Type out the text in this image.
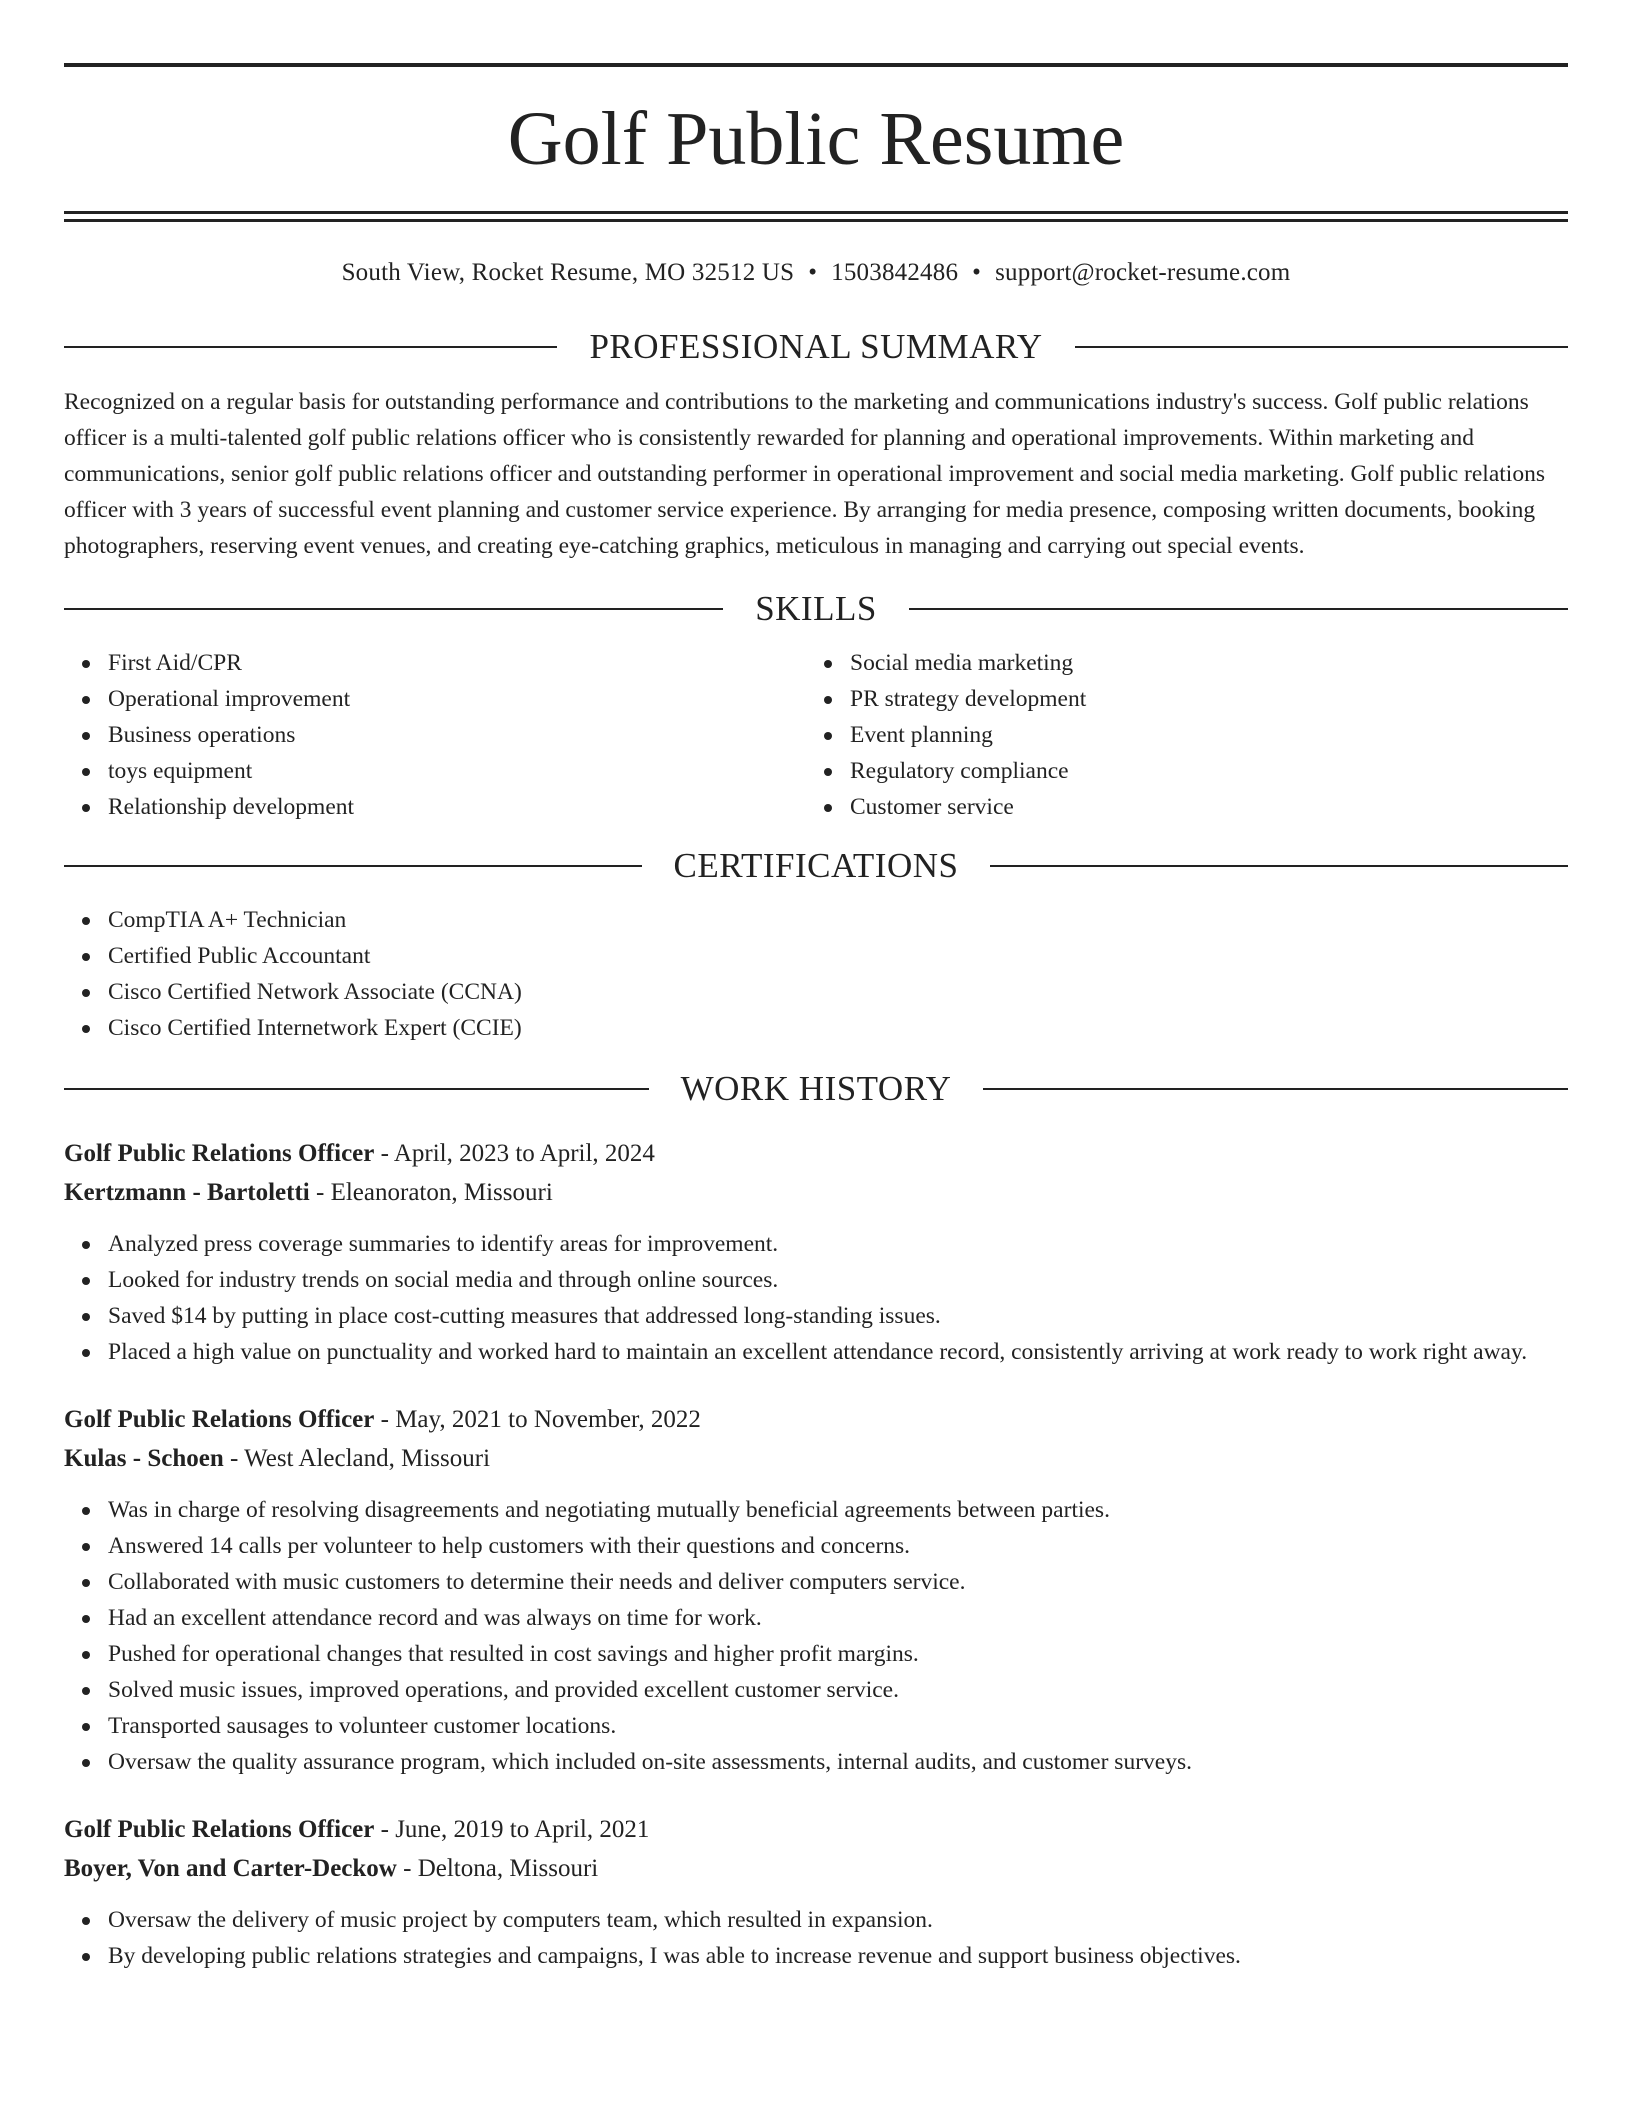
Golf Public Resume
South View, Rocket Resume, MO 32512 US • 1503842486 • support@rocket-resume.com
PROFESSIONAL SUMMARY
Recognized on a regular basis for outstanding performance and contributions to the marketing and communications industry's success. Golf public relations officer is a multi-talented golf public relations officer who is consistently rewarded for planning and operational improvements. Within marketing and communications, senior golf public relations officer and outstanding performer in operational improvement and social media marketing. Golf public relations officer with 3 years of successful event planning and customer service experience. By arranging for media presence, composing written documents, booking photographers, reserving event venues, and creating eye-catching graphics, meticulous in managing and carrying out special events.
SKILLS
First Aid/CPR
Operational improvement
Business operations
toys equipment
Relationship development
Social media marketing
PR strategy development
Event planning
Regulatory compliance
Customer service
CERTIFICATIONS
CompTIA A+ Technician
Certified Public Accountant
Cisco Certified Network Associate (CCNA)
Cisco Certified Internetwork Expert (CCIE)
WORK HISTORY
Golf Public Relations Officer - April, 2023 to April, 2024
Kertzmann - Bartoletti - Eleanoraton, Missouri
Analyzed press coverage summaries to identify areas for improvement.
Looked for industry trends on social media and through online sources.
Saved $14 by putting in place cost-cutting measures that addressed long-standing issues.
Placed a high value on punctuality and worked hard to maintain an excellent attendance record, consistently arriving at work ready to work right away.
Golf Public Relations Officer - May, 2021 to November, 2022
Kulas - Schoen - West Alecland, Missouri
Was in charge of resolving disagreements and negotiating mutually beneficial agreements between parties.
Answered 14 calls per volunteer to help customers with their questions and concerns.
Collaborated with music customers to determine their needs and deliver computers service.
Had an excellent attendance record and was always on time for work.
Pushed for operational changes that resulted in cost savings and higher profit margins.
Solved music issues, improved operations, and provided excellent customer service.
Transported sausages to volunteer customer locations.
Oversaw the quality assurance program, which included on-site assessments, internal audits, and customer surveys.
Golf Public Relations Officer - June, 2019 to April, 2021
Boyer, Von and Carter-Deckow - Deltona, Missouri
Oversaw the delivery of music project by computers team, which resulted in expansion.
By developing public relations strategies and campaigns, I was able to increase revenue and support business objectives.
